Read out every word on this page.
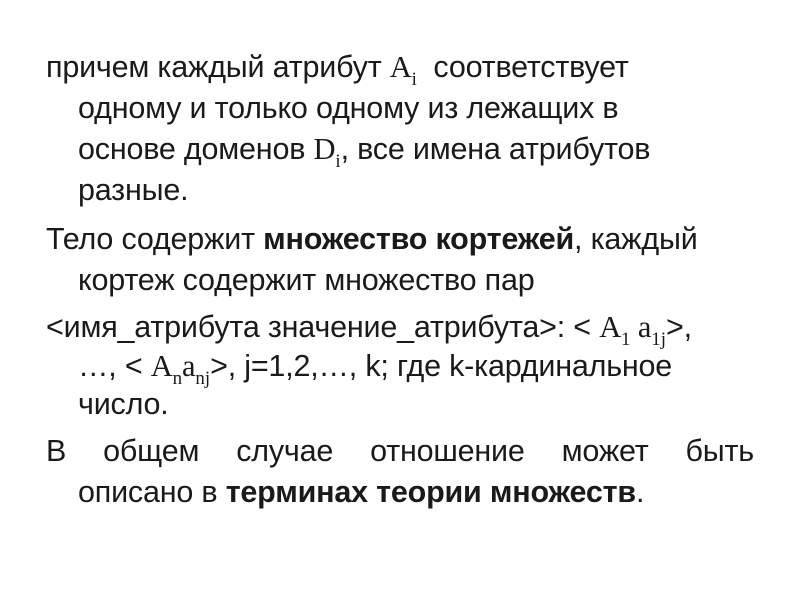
причем каждый атрибут $A_i$  соответствует
одному и только одному из лежащих в
основе доменов $D_i$, все имена атрибутов
разные.
Тело содержит множество кортежей, каждый
кортеж содержит множество пар
<имя_атрибута значение_атрибута>: < $A_1$ $a_{1j}>$,
…, < $A_na_{nj}>$, j=1,2,…, k; где k-кардинальное
число.
В общем случае отношение может быть
описано в терминах теории множеств.
